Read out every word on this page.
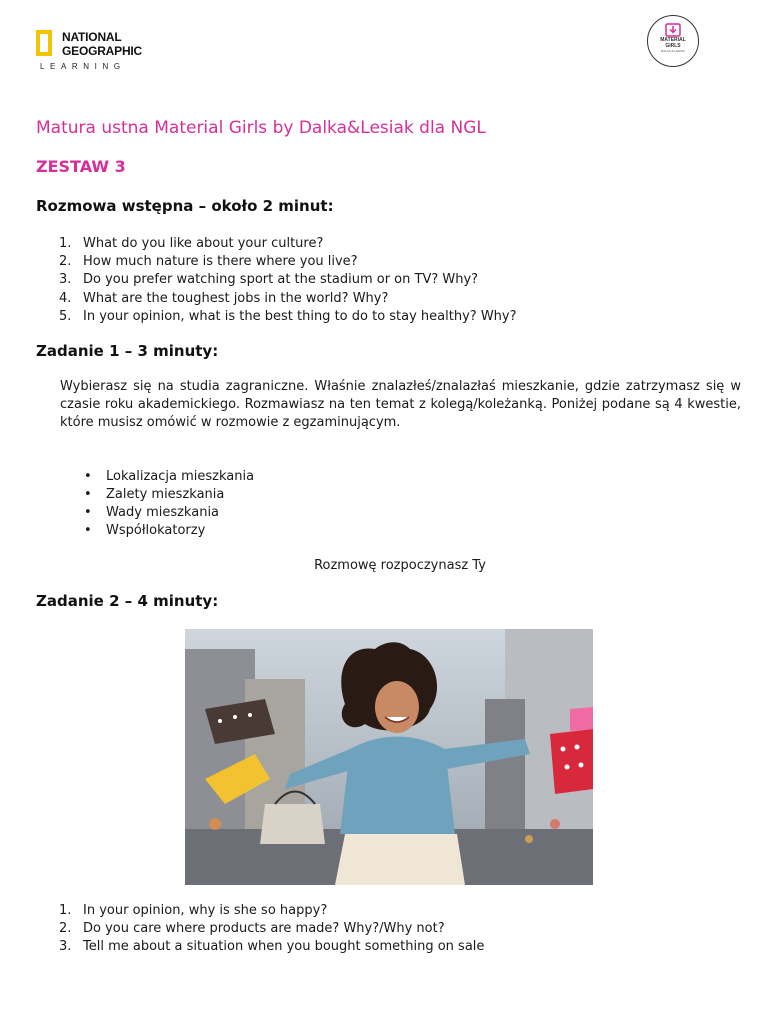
NATIONAL
GEOGRAPHIC
LEARNING
MATERIAL
GIRLS
DALKA & LESIAK
Matura ustna Material Girls by Dalka&Lesiak dla NGL
ZESTAW 3
Rozmowa wstępna – około 2 minut:
1. What do you like about your culture?
2. How much nature is there where you live?
3. Do you prefer watching sport at the stadium or on TV? Why?
4. What are the toughest jobs in the world? Why?
5. In your opinion, what is the best thing to do to stay healthy? Why?
Zadanie 1 – 3 minuty:

Wybierasz się na studia zagraniczne. Właśnie znalazłeś/znalazłaś mieszkanie, gdzie zatrzymasz się w czasie roku akademickiego. Rozmawiasz na ten temat z kolegą/koleżanką. Poniżej podane są 4 kwestie, które musisz omówić w rozmowie z egzaminującym.

• Lokalizacja mieszkania
• Zalety mieszkania
• Wady mieszkania
• Współlokatorzy

Rozmowę rozpoczynasz Ty

Zadanie 2 – 4 minuty:
1. In your opinion, why is she so happy?
2. Do you care where products are made? Why?/Why not?
3. Tell me about a situation when you bought something on sale
